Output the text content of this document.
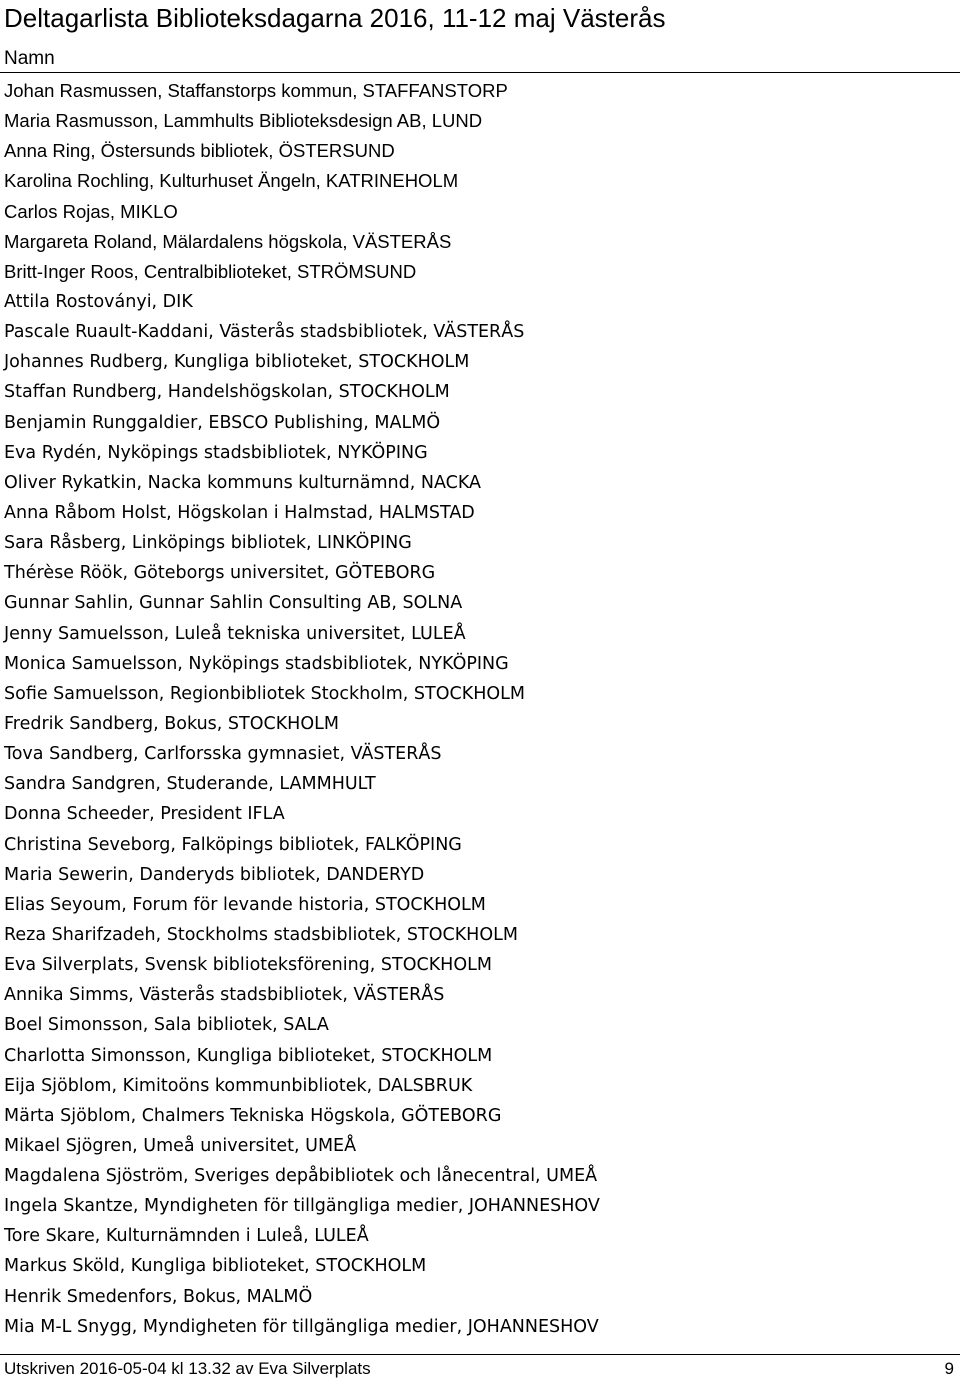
Deltagarlista Biblioteksdagarna 2016, 11-12 maj Västerås
Namn
Johan Rasmussen, Staffanstorps kommun, STAFFANSTORP
Maria Rasmusson, Lammhults Biblioteksdesign AB, LUND
Anna Ring, Östersunds bibliotek, ÖSTERSUND
Karolina Rochling, Kulturhuset Ängeln, KATRINEHOLM
Carlos Rojas, MIKLO
Margareta Roland, Mälardalens högskola, VÄSTERÅS
Britt-Inger Roos, Centralbiblioteket, STRÖMSUND
Attila Rostoványi, DIK
Pascale Ruault-Kaddani, Västerås stadsbibliotek, VÄSTERÅS
Johannes Rudberg, Kungliga biblioteket, STOCKHOLM
Staffan Rundberg, Handelshögskolan, STOCKHOLM
Benjamin Runggaldier, EBSCO Publishing, MALMÖ
Eva Rydén, Nyköpings stadsbibliotek, NYKÖPING
Oliver Rykatkin, Nacka kommuns kulturnämnd, NACKA
Anna Råbom Holst, Högskolan i Halmstad, HALMSTAD
Sara Råsberg, Linköpings bibliotek, LINKÖPING
Thérèse Röök, Göteborgs universitet, GÖTEBORG
Gunnar Sahlin, Gunnar Sahlin Consulting AB, SOLNA
Jenny Samuelsson, Luleå tekniska universitet, LULEÅ
Monica Samuelsson, Nyköpings stadsbibliotek, NYKÖPING
Sofie Samuelsson, Regionbibliotek Stockholm, STOCKHOLM
Fredrik Sandberg, Bokus, STOCKHOLM
Tova Sandberg, Carlforsska gymnasiet, VÄSTERÅS
Sandra Sandgren, Studerande, LAMMHULT
Donna Scheeder, President IFLA
Christina Seveborg, Falköpings bibliotek, FALKÖPING
Maria Sewerin, Danderyds bibliotek, DANDERYD
Elias Seyoum, Forum för levande historia, STOCKHOLM
Reza Sharifzadeh, Stockholms stadsbibliotek, STOCKHOLM
Eva Silverplats, Svensk biblioteksförening, STOCKHOLM
Annika Simms, Västerås stadsbibliotek, VÄSTERÅS
Boel Simonsson, Sala bibliotek, SALA
Charlotta Simonsson, Kungliga biblioteket, STOCKHOLM
Eija Sjöblom, Kimitoöns kommunbibliotek, DALSBRUK
Märta Sjöblom, Chalmers Tekniska Högskola, GÖTEBORG
Mikael Sjögren, Umeå universitet, UMEÅ
Magdalena Sjöström, Sveriges depåbibliotek och lånecentral, UMEÅ
Ingela Skantze, Myndigheten för tillgängliga medier, JOHANNESHOV
Tore Skare, Kulturnämnden i Luleå, LULEÅ
Markus Sköld, Kungliga biblioteket, STOCKHOLM
Henrik Smedenfors, Bokus, MALMÖ
Mia M-L Snygg, Myndigheten för tillgängliga medier, JOHANNESHOV
Utskriven 2016-05-04 kl 13.32 av Eva Silverplats	9
